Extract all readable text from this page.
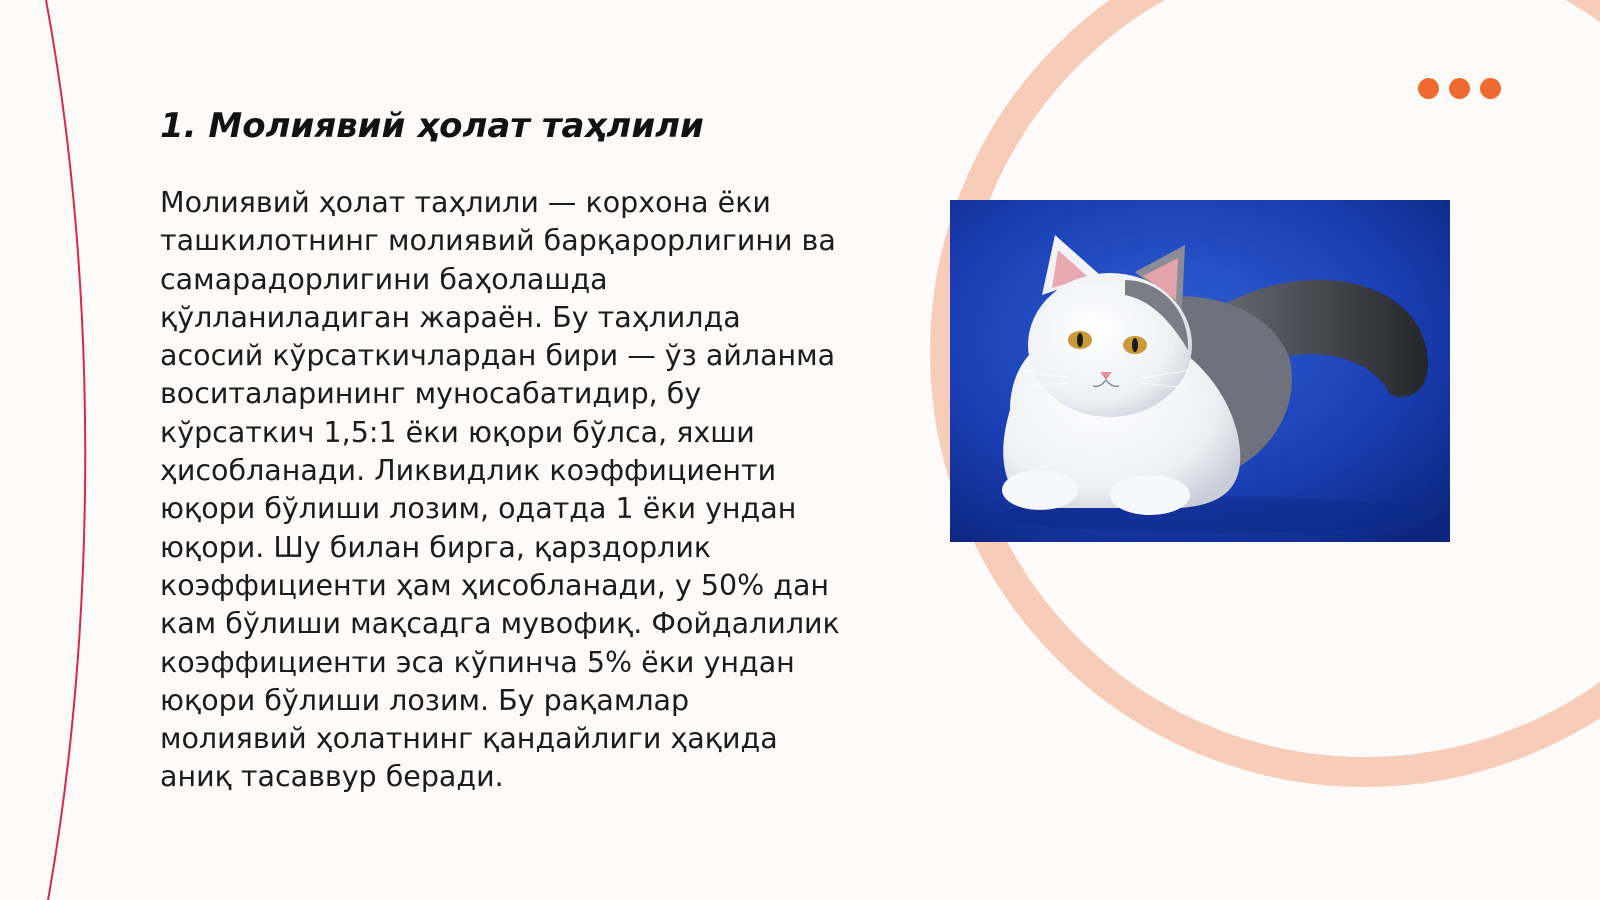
1. Молиявий ҳолат таҳлили

Молиявий ҳолат таҳлили — корхона ёки ташкилотнинг молиявий барқарорлигини ва самарадорлигини баҳолашда қўлланиладиган жараён. Бу таҳлилда асосий кўрсаткичлардан бири — ўз айланма воситаларининг муносабатидир, бу кўрсаткич 1,5:1 ёки юқори бўлса, яхши ҳисобланади. Ликвидлик коэффициенти юқори бўлиши лозим, одатда 1 ёки ундан юқори. Шу билан бирга, қарздорлик коэффициенти ҳам ҳисобланади, у 50% дан кам бўлиши мақсадга мувофиқ. Фойдалилик коэффициенти эса кўпинча 5% ёки ундан юқори бўлиши лозим. Бу рақамлар молиявий ҳолатнинг қандайлиги ҳақида аниқ тасаввур беради.
